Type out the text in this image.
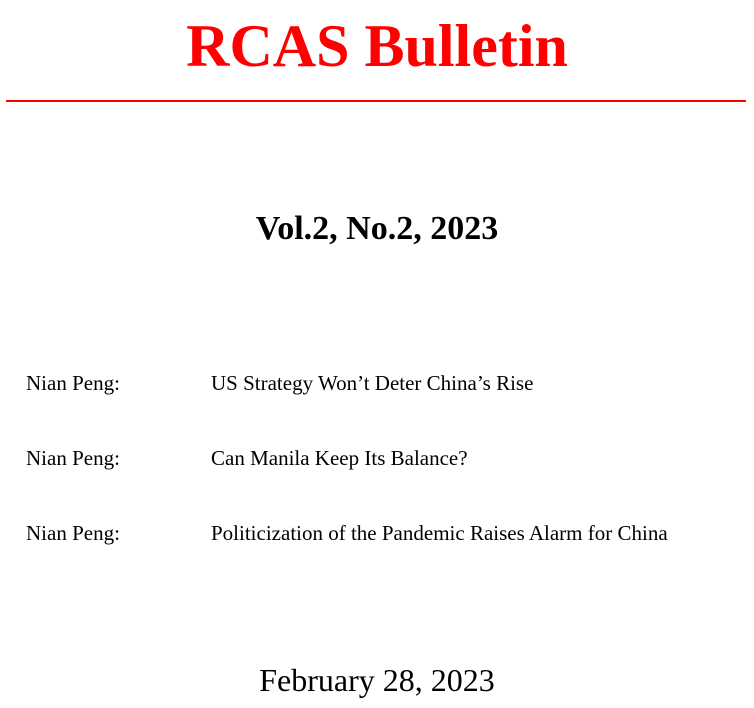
RCAS Bulletin
Vol.2, No.2, 2023
Nian Peng:	US Strategy Won’t Deter China’s Rise
Nian Peng:	Can Manila Keep Its Balance?
Nian Peng:	Politicization of the Pandemic Raises Alarm for China
February 28, 2023
